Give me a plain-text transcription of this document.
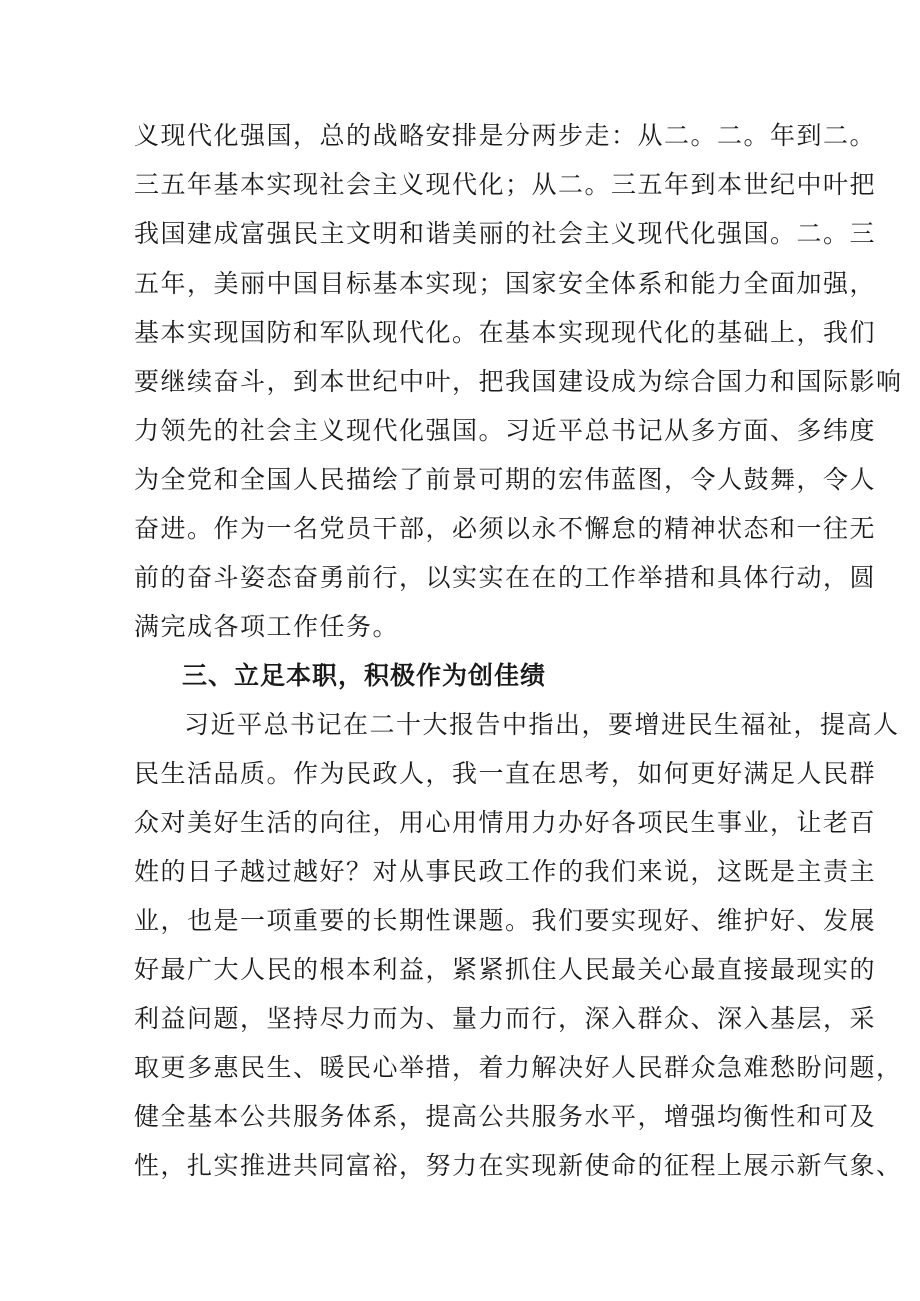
义现代化强国，总的战略安排是分两步走：从二。二。年到二。
三五年基本实现社会主义现代化；从二。三五年到本世纪中叶把
我国建成富强民主文明和谐美丽的社会主义现代化强国。二。三
五年，美丽中国目标基本实现；国家安全体系和能力全面加强，
基本实现国防和军队现代化。在基本实现现代化的基础上，我们
要继续奋斗，到本世纪中叶，把我国建设成为综合国力和国际影响
力领先的社会主义现代化强国。习近平总书记从多方面、多纬度
为全党和全国人民描绘了前景可期的宏伟蓝图，令人鼓舞，令人
奋进。作为一名党员干部，必须以永不懈怠的精神状态和一往无
前的奋斗姿态奋勇前行，以实实在在的工作举措和具体行动，圆
满完成各项工作任务。
三、立足本职，积极作为创佳绩
习近平总书记在二十大报告中指出，要增进民生福祉，提高人
民生活品质。作为民政人，我一直在思考，如何更好满足人民群
众对美好生活的向往，用心用情用力办好各项民生事业，让老百
姓的日子越过越好？对从事民政工作的我们来说，这既是主责主
业，也是一项重要的长期性课题。我们要实现好、维护好、发展
好最广大人民的根本利益，紧紧抓住人民最关心最直接最现实的
利益问题，坚持尽力而为、量力而行，深入群众、深入基层，采
取更多惠民生、暖民心举措，着力解决好人民群众急难愁盼问题，
健全基本公共服务体系，提高公共服务水平，增强均衡性和可及
性，扎实推进共同富裕，努力在实现新使命的征程上展示新气象、
